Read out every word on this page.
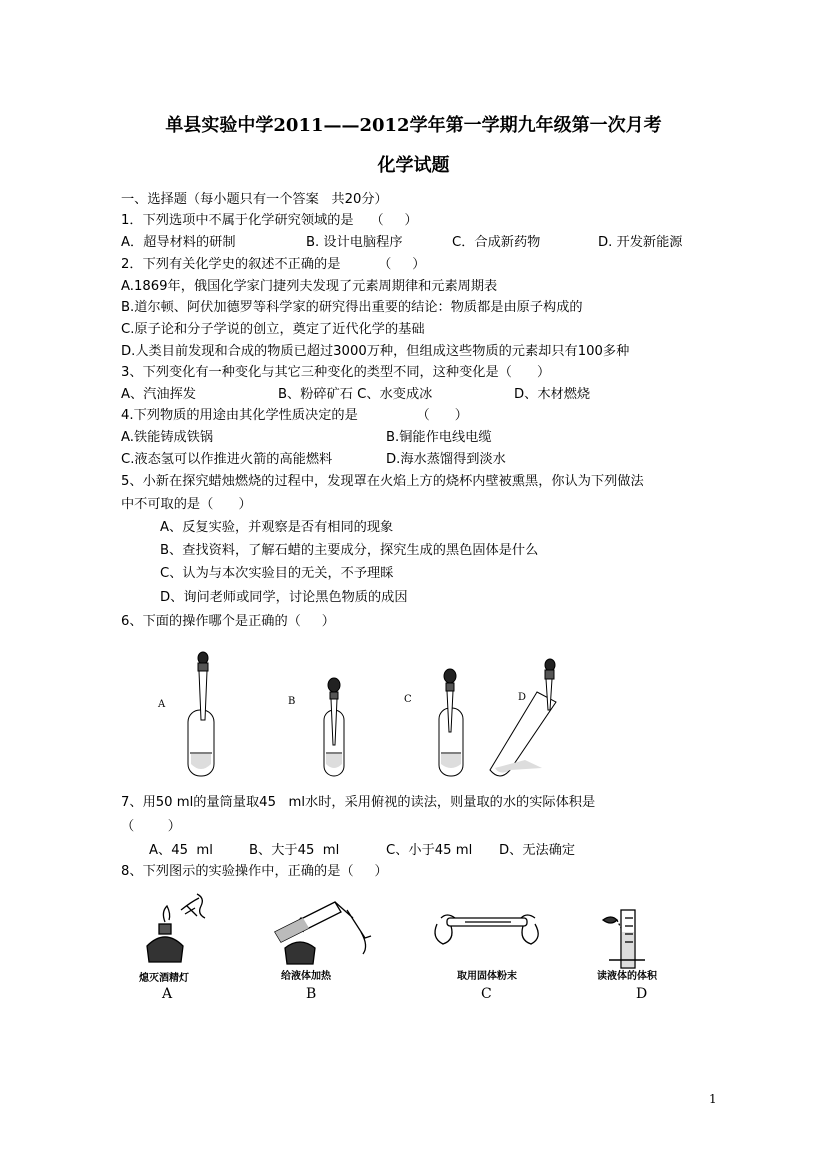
单县实验中学2011——2012学年第一学期九年级第一次月考
化学试题
一、选择题（每小题只有一个答案   共20分）
1．下列选项中不属于化学研究领域的是    （     ）
A．超导材料的研制	B. 设计电脑程序	C．合成新药物	D. 开发新能源
2．下列有关化学史的叙述不正确的是         （     ）
A.1869年，俄国化学家门捷列夫发现了元素周期律和元素周期表
B.道尔顿、阿伏加德罗等科学家的研究得出重要的结论：物质都是由原子构成的
C.原子论和分子学说的创立，奠定了近代化学的基础
D.人类目前发现和合成的物质已超过3000万种，但组成这些物质的元素却只有100多种
3、下列变化有一种变化与其它三种变化的类型不同，这种变化是（      ）
A、汽油挥发	B、粉碎矿石 C、水变成冰	D、木材燃烧
4.下列物质的用途由其化学性质决定的是              （      ）
A.铁能铸成铁锅	B.铜能作电线电缆
C.液态氢可以作推进火箭的高能燃料	D.海水蒸馏得到淡水
5、小新在探究蜡烛燃烧的过程中，发现罩在火焰上方的烧杯内壁被熏黑，你认为下列做法
中不可取的是（      ）
A、反复实验，并观察是否有相同的现象
B、查找资料，了解石蜡的主要成分，探究生成的黑色固体是什么
C、认为与本次实验目的无关，不予理睬
D、询问老师或同学，讨论黑色物质的成因
6、下面的操作哪个是正确的（     ）
A	B	C	D
7、用50 ml的量筒量取45   ml水时，采用俯视的读法，则量取的水的实际体积是
（        ）
A、45  ml	B、大于45  ml	C、小于45 ml D、无法确定
8、下列图示的实验操作中，正确的是（     ）
熄灭酒精灯	给液体加热	取用固体粉末	读液体的体积
A	B	C	D
1
